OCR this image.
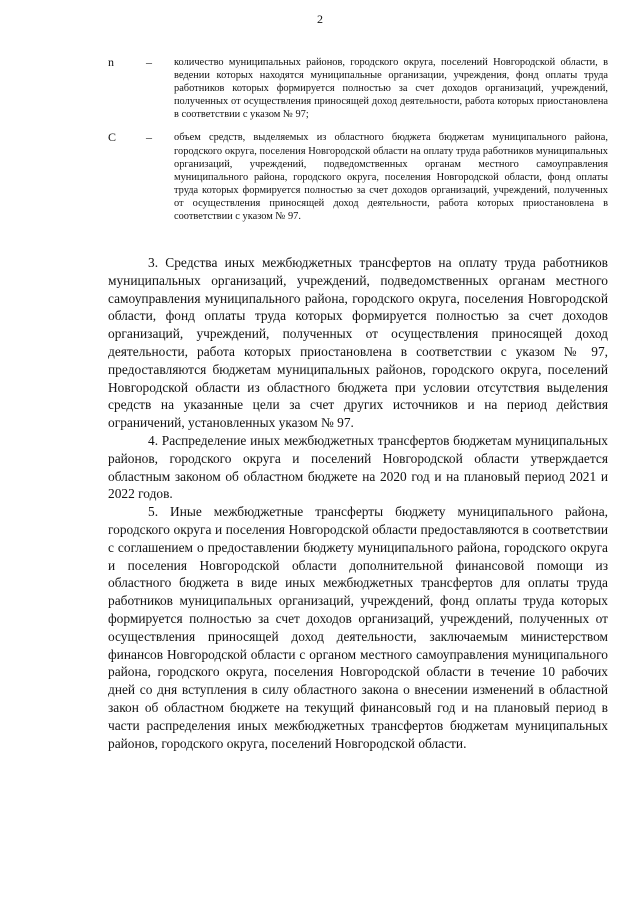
2
n	–	количество муниципальных районов, городского округа, поселений Новгородской области, в ведении которых находятся муниципальные организации, учреждения, фонд оплаты труда работников которых формируется полностью за счет доходов организаций, учреждений, полученных от осуществления приносящей доход деятельности, работа которых приостановлена в соответствии с указом № 97;
C	–	объем средств, выделяемых из областного бюджета бюджетам муниципального района, городского округа, поселения Новгородской области на оплату труда работников муниципальных организаций, учреждений, подведомственных органам местного самоуправления муниципального района, городского округа, поселения Новгородской области, фонд оплаты труда которых формируется полностью за счет доходов организаций, учреждений, полученных от осуществления приносящей доход деятельности, работа которых приостановлена в соответствии с указом № 97.

3. Средства иных межбюджетных трансфертов на оплату труда работников муниципальных организаций, учреждений, подведомственных органам местного самоуправления муниципального района, городского округа, поселения Новгородской области, фонд оплаты труда которых формируется полностью за счет доходов организаций, учреждений, полученных от осуществления приносящей доход деятельности, работа которых приостановлена в соответствии с указом № 97, предоставляются бюджетам муниципальных районов, городского округа, поселений Новгородской области из областного бюджета при условии отсутствия выделения средств на указанные цели за счет других источников и на период действия ограничений, установленных указом № 97.

4. Распределение иных межбюджетных трансфертов бюджетам муниципальных районов, городского округа и поселений Новгородской области утверждается областным законом об областном бюджете на 2020 год и на плановый период 2021 и 2022 годов.

5. Иные межбюджетные трансферты бюджету муниципального района, городского округа и поселения Новгородской области предоставляются в соответствии с соглашением о предоставлении бюджету муниципального района, городского округа и поселения Новгородской области дополнительной финансовой помощи из областного бюджета в виде иных межбюджетных трансфертов для оплаты труда работников муниципальных организаций, учреждений, фонд оплаты труда которых формируется полностью за счет доходов организаций, учреждений, полученных от осуществления приносящей доход деятельности, заключаемым министерством финансов Новгородской области с органом местного самоуправления муниципального района, городского округа, поселения Новгородской области в течение 10 рабочих дней со дня вступления в силу областного закона о внесении изменений в областной закон об областном бюджете на текущий финансовый год и на плановый период в части распределения иных межбюджетных трансфертов бюджетам муниципальных районов, городского округа, поселений Новгородской области.
